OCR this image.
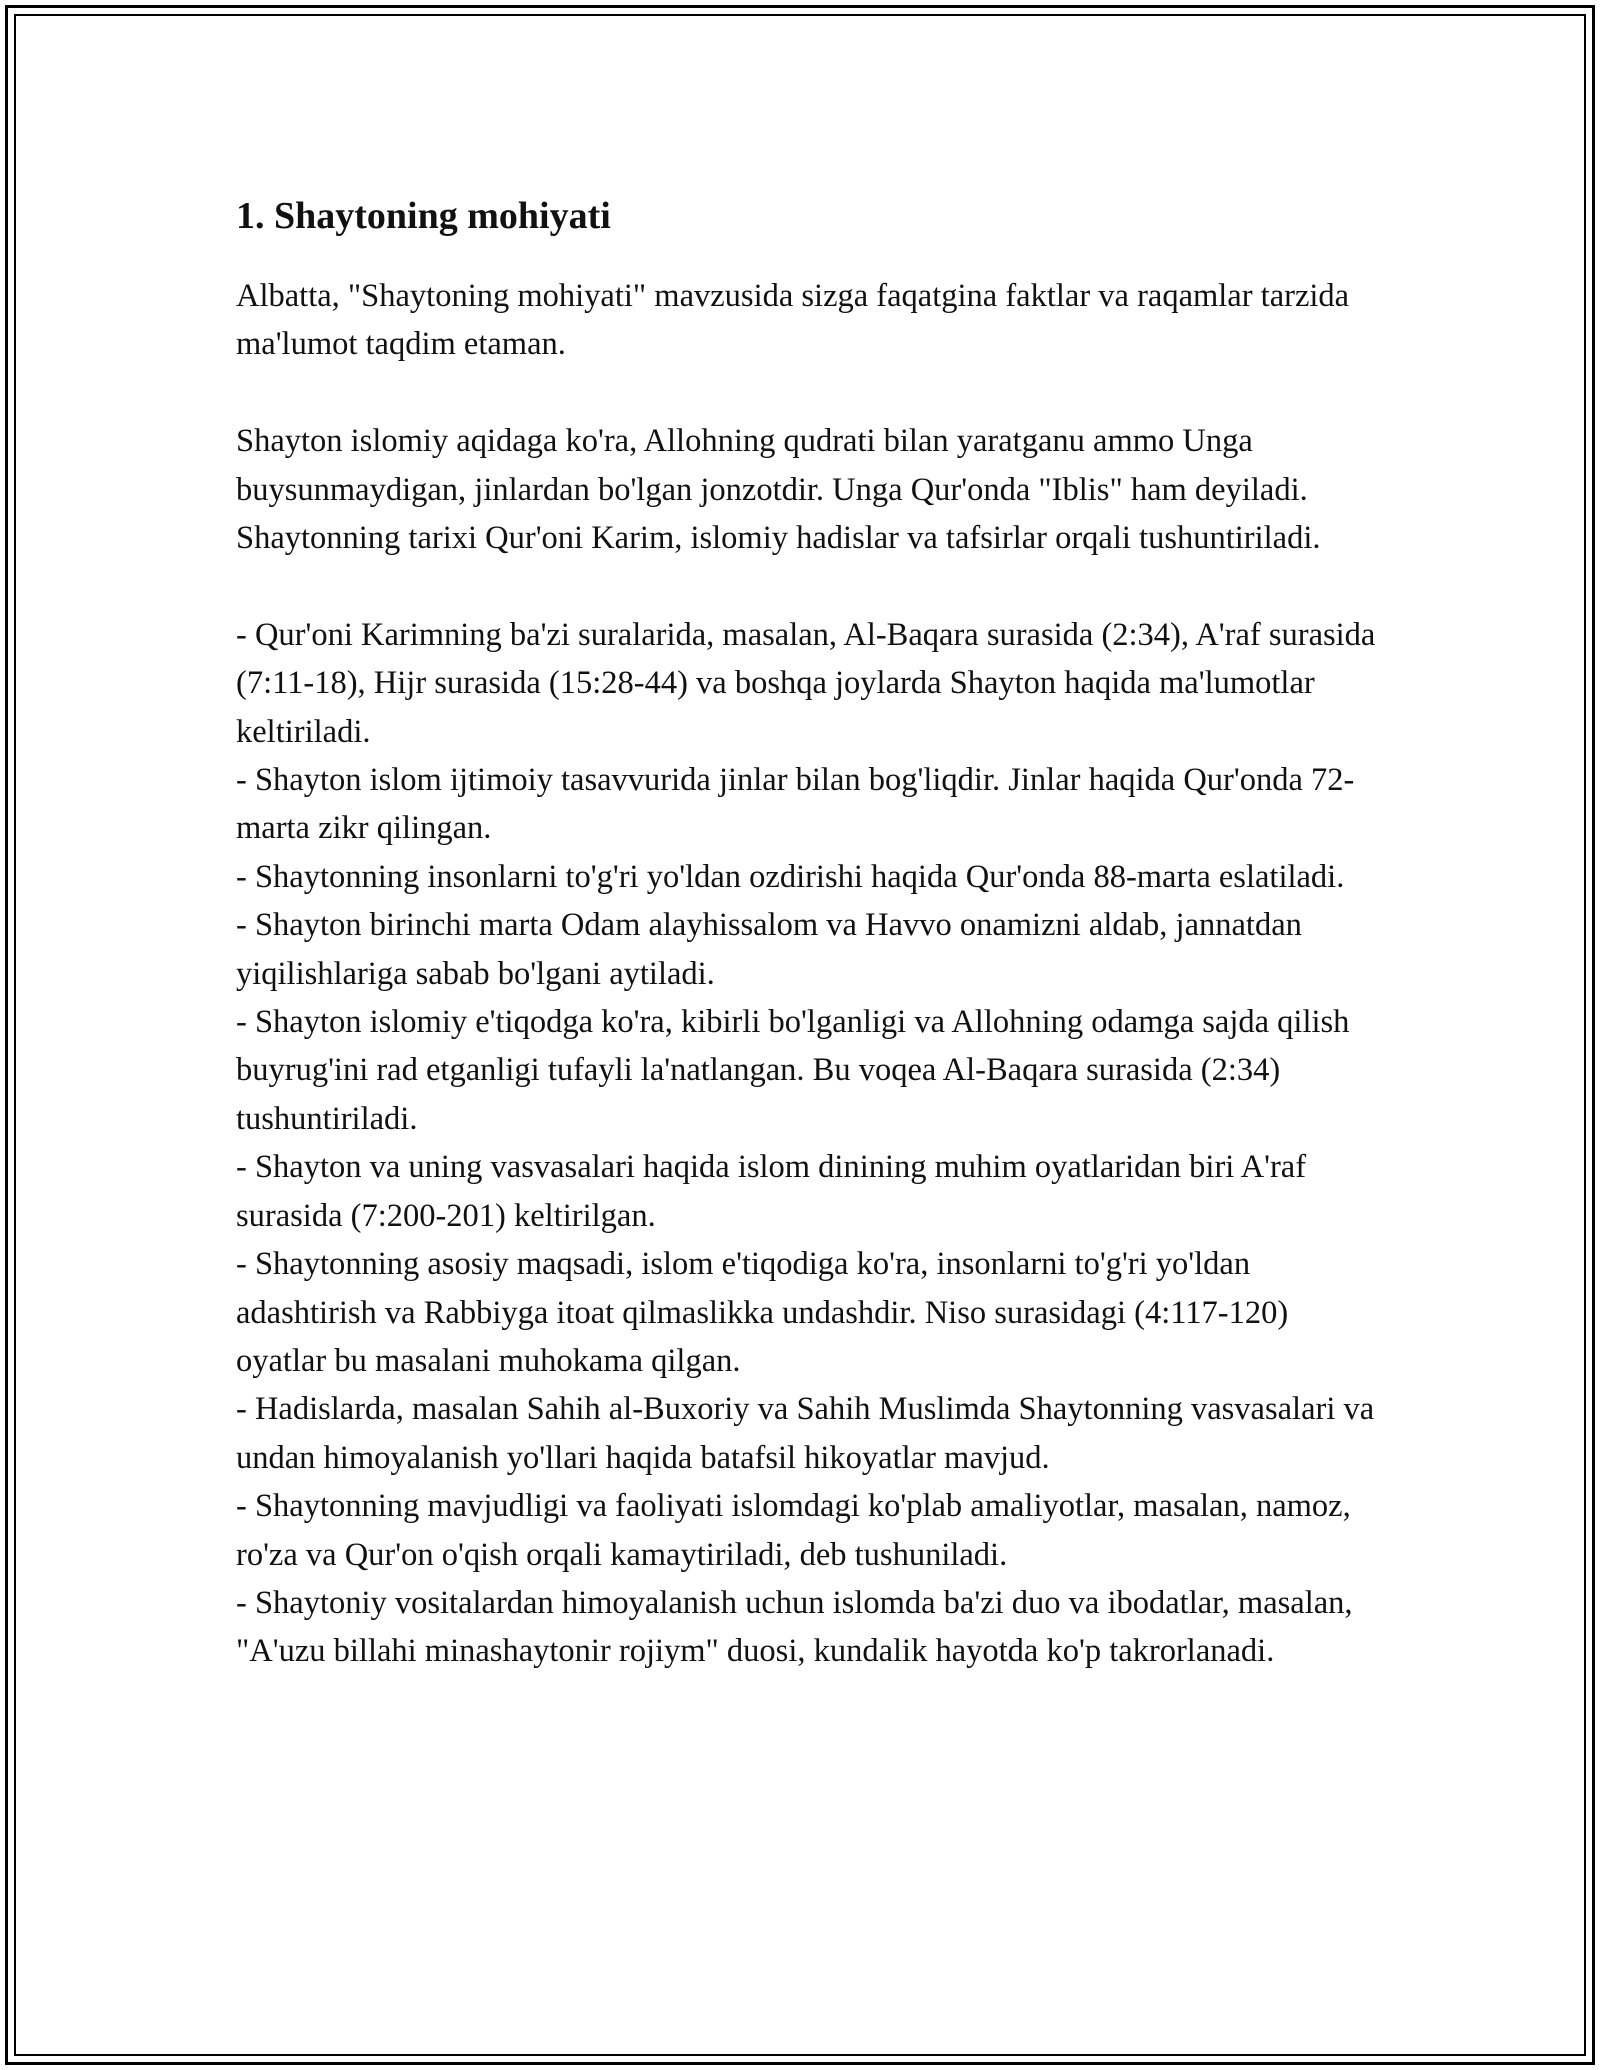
1. Shaytoning mohiyati

Albatta, "Shaytoning mohiyati" mavzusida sizga faqatgina faktlar va raqamlar tarzida ma'lumot taqdim etaman.

Shayton islomiy aqidaga ko'ra, Allohning qudrati bilan yaratganu ammo Unga buysunmaydigan, jinlardan bo'lgan jonzotdir. Unga Qur'onda "Iblis" ham deyiladi. Shaytonning tarixi Qur'oni Karim, islomiy hadislar va tafsirlar orqali tushuntiriladi.

- Qur'oni Karimning ba'zi suralarida, masalan, Al-Baqara surasida (2:34), A'raf surasida (7:11-18), Hijr surasida (15:28-44) va boshqa joylarda Shayton haqida ma'lumotlar keltiriladi.
- Shayton islom ijtimoiy tasavvurida jinlar bilan bog'liqdir. Jinlar haqida Qur'onda 72-marta zikr qilingan.
- Shaytonning insonlarni to'g'ri yo'ldan ozdirishi haqida Qur'onda 88-marta eslatiladi.
- Shayton birinchi marta Odam alayhissalom va Havvo onamizni aldab, jannatdan yiqilishlariga sabab bo'lgani aytiladi.
- Shayton islomiy e'tiqodga ko'ra, kibirli bo'lganligi va Allohning odamga sajda qilish buyrug'ini rad etganligi tufayli la'natlangan. Bu voqea Al-Baqara surasida (2:34) tushuntiriladi.
- Shayton va uning vasvasalari haqida islom dinining muhim oyatlaridan biri A'raf surasida (7:200-201) keltirilgan.
- Shaytonning asosiy maqsadi, islom e'tiqodiga ko'ra, insonlarni to'g'ri yo'ldan adashtirish va Rabbiyga itoat qilmaslikka undashdir. Niso surasidagi (4:117-120) oyatlar bu masalani muhokama qilgan.
- Hadislarda, masalan Sahih al-Buxoriy va Sahih Muslimda Shaytonning vasvasalari va undan himoyalanish yo'llari haqida batafsil hikoyatlar mavjud.
- Shaytonning mavjudligi va faoliyati islomdagi ko'plab amaliyotlar, masalan, namoz, ro'za va Qur'on o'qish orqali kamaytiriladi, deb tushuniladi.
- Shaytoniy vositalardan himoyalanish uchun islomda ba'zi duo va ibodatlar, masalan, "A'uzu billahi minashaytonir rojiym" duosi, kundalik hayotda ko'p takrorlanadi.
